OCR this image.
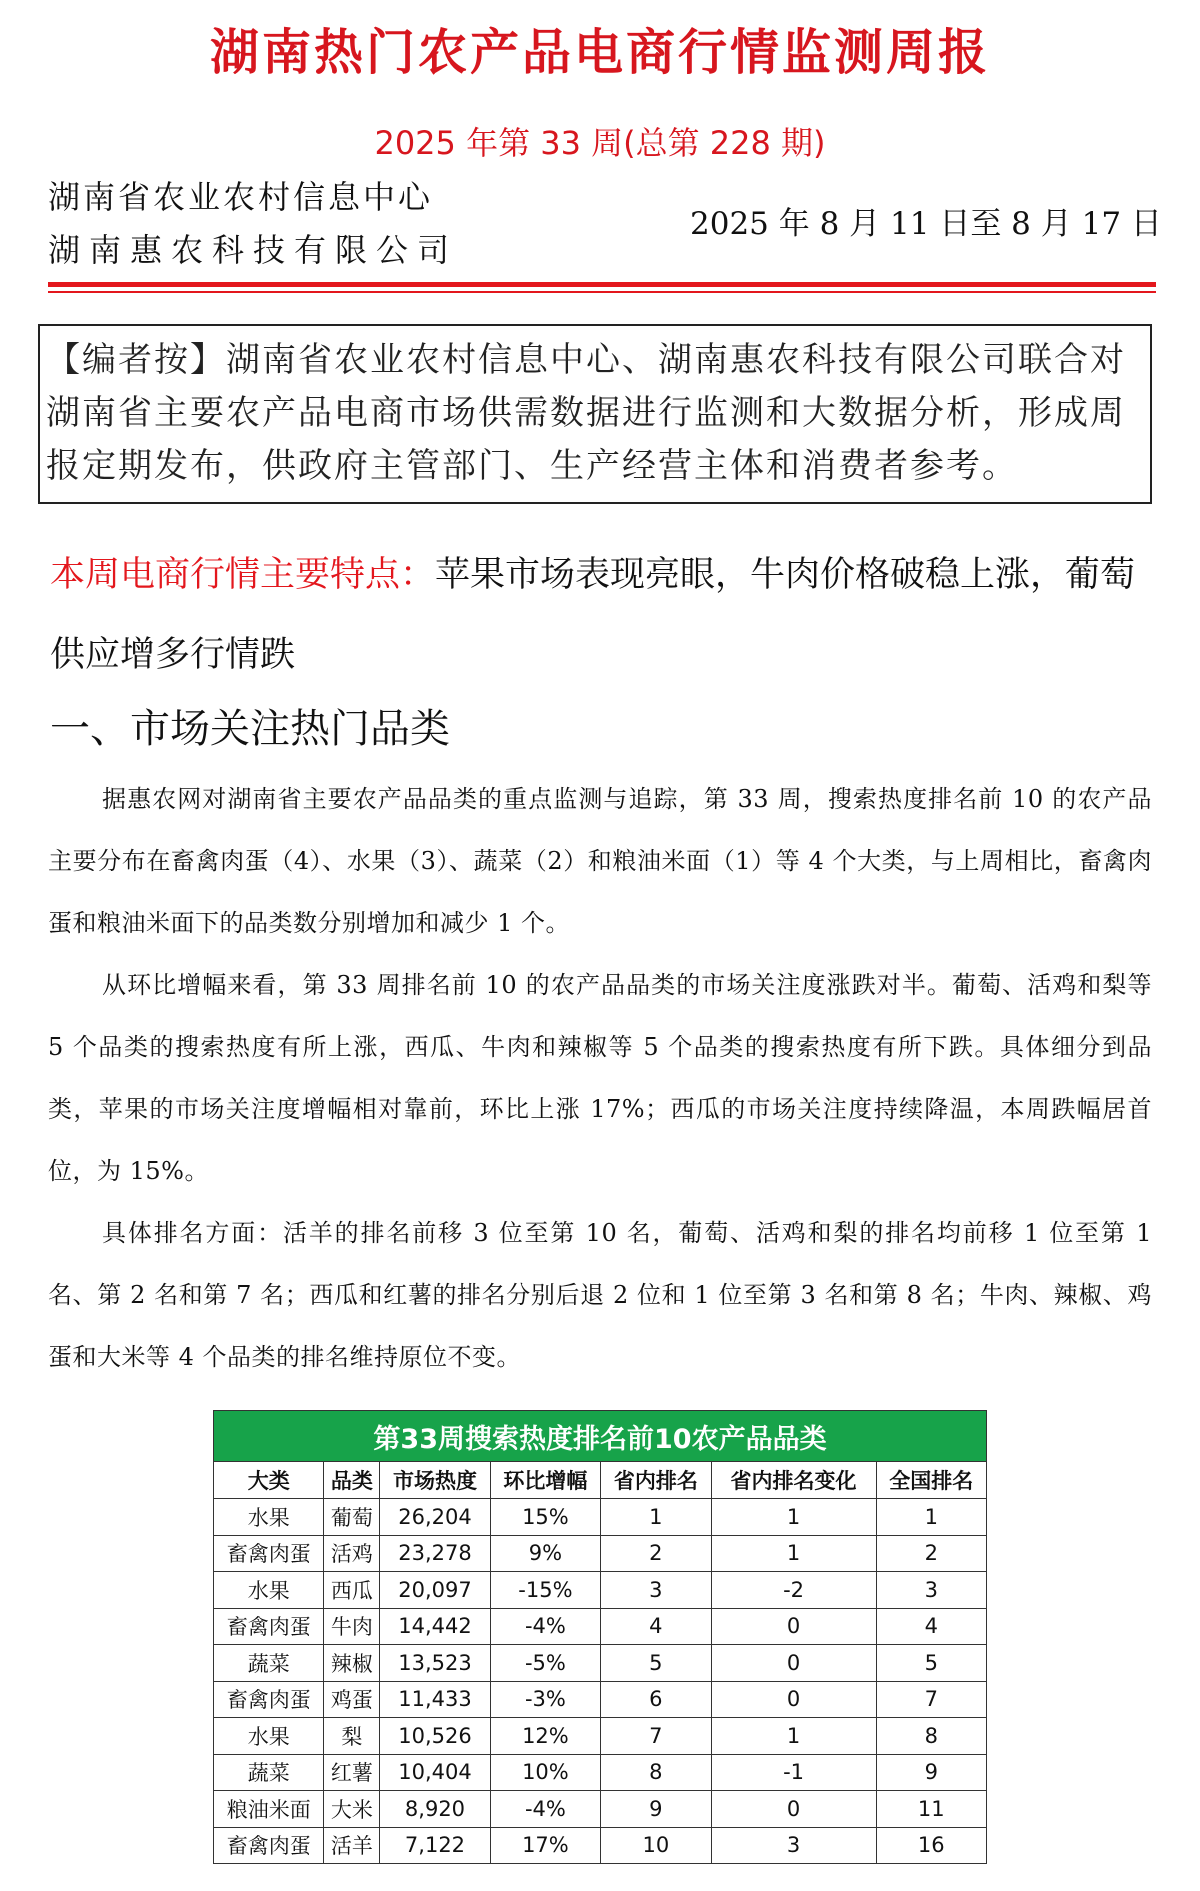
湖南热门农产品电商行情监测周报
2025 年第 33 周(总第 228 期)
湖南省农业农村信息中心
湖南惠农科技有限公司
2025 年 8 月 11 日至 8 月 17 日
【编者按】湖南省农业农村信息中心、湖南惠农科技有限公司联合对湖南省主要农产品电商市场供需数据进行监测和大数据分析，形成周报定期发布，供政府主管部门、生产经营主体和消费者参考。
本周电商行情主要特点：苹果市场表现亮眼，牛肉价格破稳上涨，葡萄供应增多行情跌
一、市场关注热门品类
据惠农网对湖南省主要农产品品类的重点监测与追踪，第 33 周，搜索热度排名前 10 的农产品主要分布在畜禽肉蛋（4）、水果（3）、蔬菜（2）和粮油米面（1）等 4 个大类，与上周相比，畜禽肉蛋和粮油米面下的品类数分别增加和减少 1 个。
从环比增幅来看，第 33 周排名前 10 的农产品品类的市场关注度涨跌对半。葡萄、活鸡和梨等 5 个品类的搜索热度有所上涨，西瓜、牛肉和辣椒等 5 个品类的搜索热度有所下跌。具体细分到品类，苹果的市场关注度增幅相对靠前，环比上涨 17%；西瓜的市场关注度持续降温，本周跌幅居首位，为 15%。
具体排名方面：活羊的排名前移 3 位至第 10 名，葡萄、活鸡和梨的排名均前移 1 位至第 1 名、第 2 名和第 7 名；西瓜和红薯的排名分别后退 2 位和 1 位至第 3 名和第 8 名；牛肉、辣椒、鸡蛋和大米等 4 个品类的排名维持原位不变。
第33周搜索热度排名前10农产品品类						
大类	品类	市场热度	环比增幅	省内排名	省内排名变化	全国排名
水果	葡萄	26,204	15%	1	1	1
畜禽肉蛋	活鸡	23,278	9%	2	1	2
水果	西瓜	20,097	-15%	3	-2	3
畜禽肉蛋	牛肉	14,442	-4%	4	0	4
蔬菜	辣椒	13,523	-5%	5	0	5
畜禽肉蛋	鸡蛋	11,433	-3%	6	0	7
水果	梨	10,526	12%	7	1	8
蔬菜	红薯	10,404	10%	8	-1	9
粮油米面	大米	8,920	-4%	9	0	11
畜禽肉蛋	活羊	7,122	17%	10	3	16
